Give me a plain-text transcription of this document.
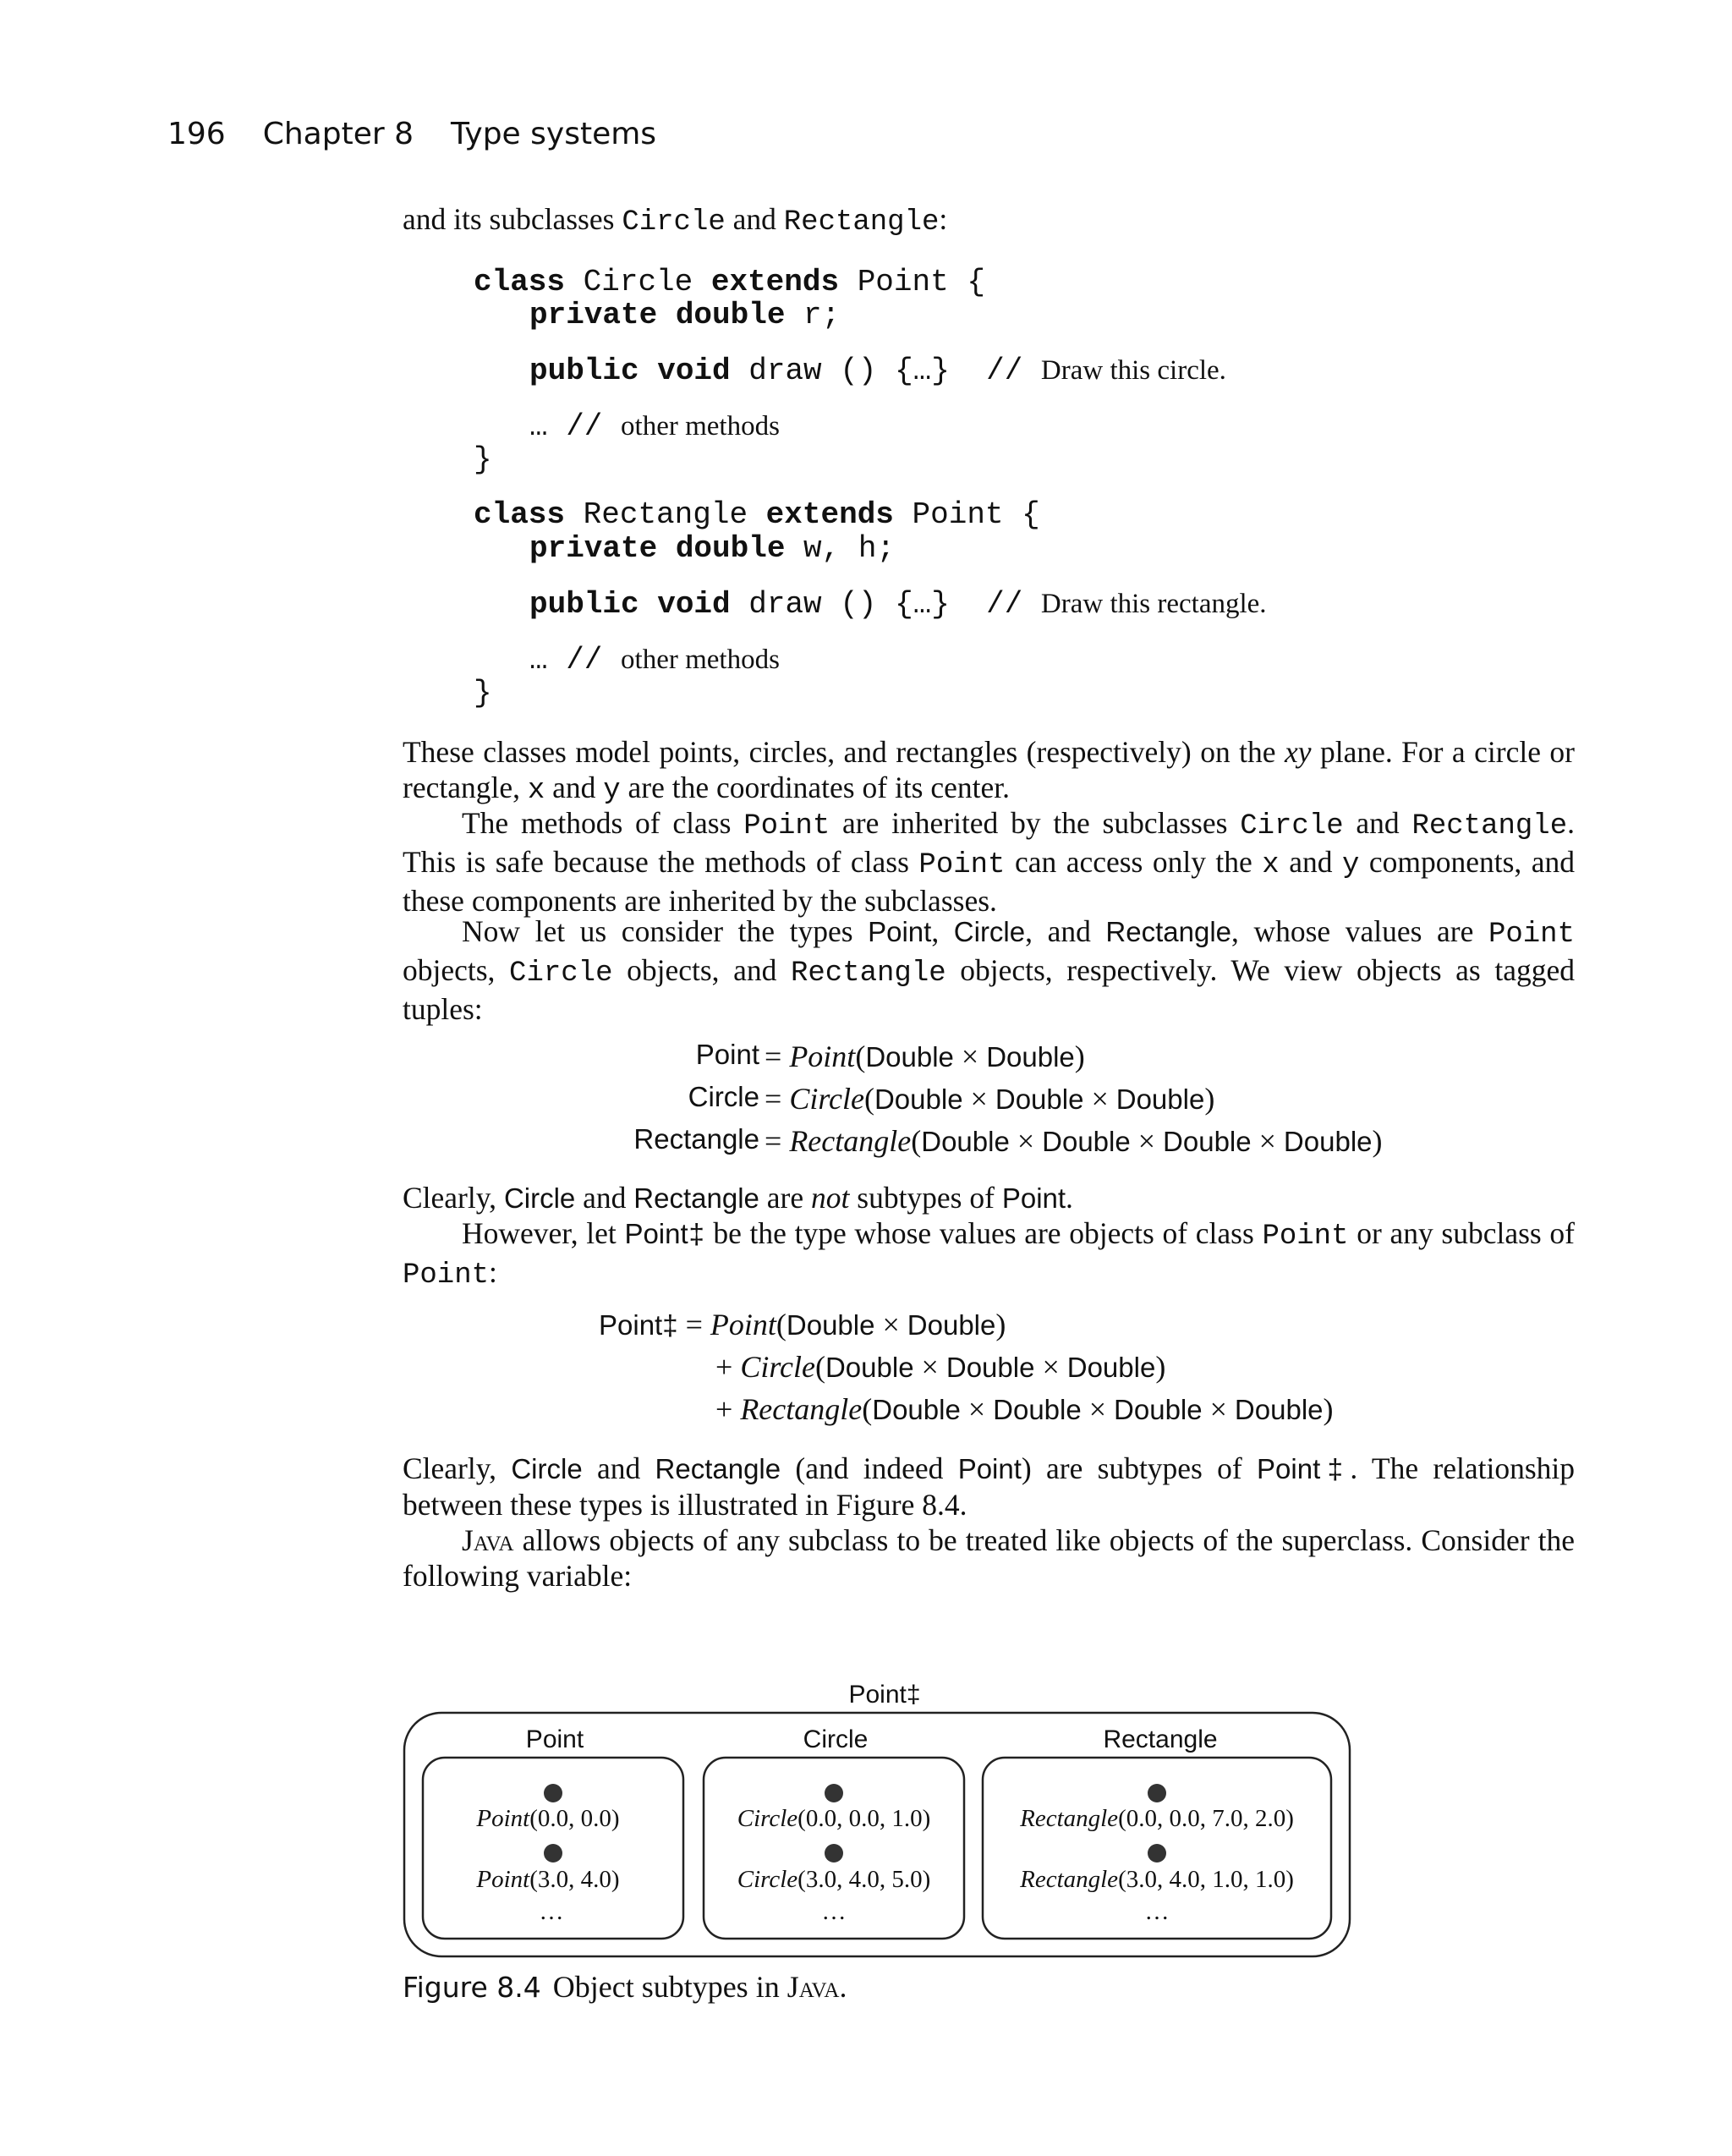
196 Chapter 8 Type systems
and its subclasses Circle and Rectangle:
class Circle extends Point {
private double r;
public void draw () {…}  // Draw this circle.
… // other methods
}
class Rectangle extends Point {
private double w, h;
public void draw () {…}  // Draw this rectangle.
… // other methods
}
These classes model points, circles, and rectangles (respectively) on the xy plane. For a circle or rectangle, x and y are the coordinates of its center.
The methods of class Point are inherited by the subclasses Circle and Rectangle. This is safe because the methods of class Point can access only the x and y components, and these components are inherited by the subclasses.
Now let us consider the types Point, Circle, and Rectangle, whose values are Point objects, Circle objects, and Rectangle objects, respectively. We view objects as tagged tuples:
Point = Point(Double × Double)
Circle = Circle(Double × Double × Double)
Rectangle = Rectangle(Double × Double × Double × Double)
Clearly, Circle and Rectangle are not subtypes of Point.
However, let Point‡ be the type whose values are objects of class Point or any subclass of Point:
Point‡ = Point(Double × Double)
+ Circle(Double × Double × Double)
+ Rectangle(Double × Double × Double × Double)
Clearly, Circle and Rectangle (and indeed Point) are subtypes of Point‡. The relationship between these types is illustrated in Figure 8.4.
Java allows objects of any subclass to be treated like objects of the superclass. Consider the following variable:
Point‡
Point	Circle	Rectangle
Point(0.0, 0.0)
Point(3.0, 4.0)
…
Circle(0.0, 0.0, 1.0)
Circle(3.0, 4.0, 5.0)
…
Rectangle(0.0, 0.0, 7.0, 2.0)
Rectangle(3.0, 4.0, 1.0, 1.0)
…
Figure 8.4 Object subtypes in Java.
